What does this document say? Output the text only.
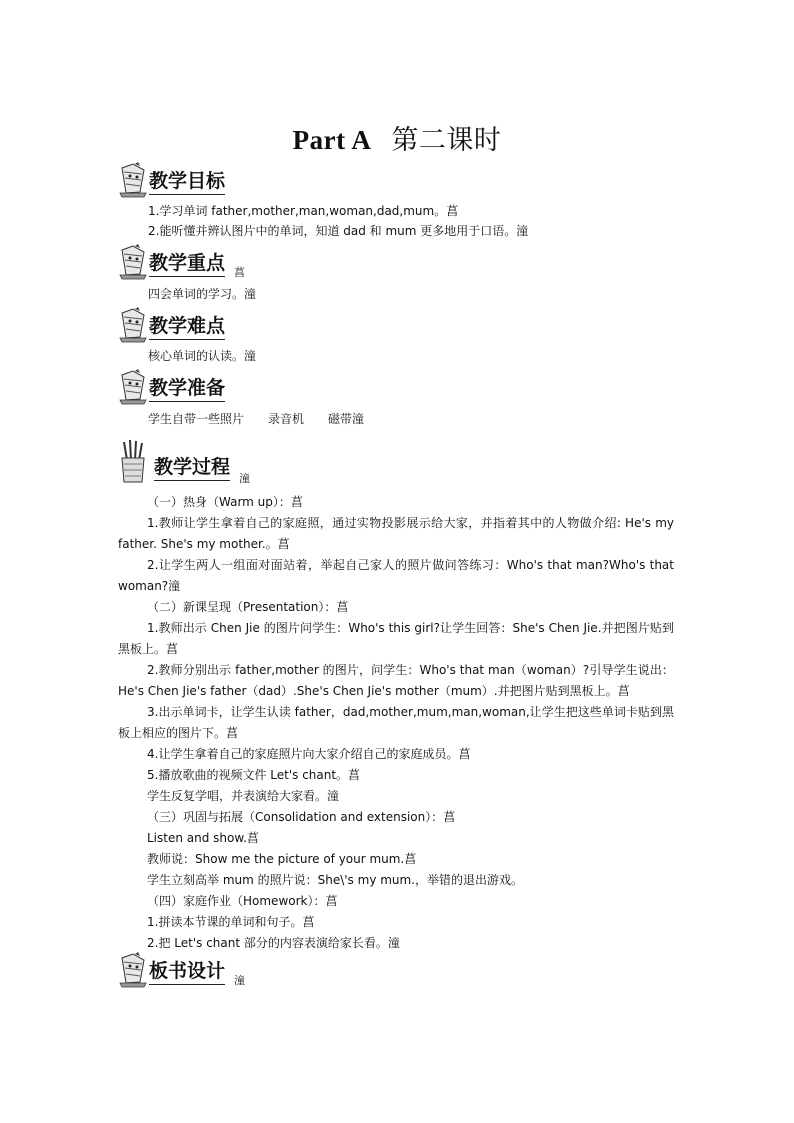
Part A 第二课时
教学目标
1.学习单词 father,mother,man,woman,dad,mum。菖
2.能听懂并辨认图片中的单词，知道 dad 和 mum 更多地用于口语。潼
教学重点 菖
四会单词的学习。潼
教学难点
核心单词的认读。潼
教学准备
学生自带一些照片　　录音机　　磁带潼
教学过程
潼
（一）热身（Warm up）：菖
1.教师让学生拿着自己的家庭照，通过实物投影展示给大家，并指着其中的人物做介绍: He's my father. She's my mother.。菖
2.让学生两人一组面对面站着，举起自己家人的照片做问答练习：Who's that man?Who's that woman?潼
（二）新课呈现（Presentation）：菖
1.教师出示 Chen Jie 的图片问学生：Who's this girl?让学生回答：She's Chen Jie.并把图片贴到黑板上。菖
2.教师分别出示 father,mother 的图片，问学生：Who's that man（woman）?引导学生说出：He's Chen Jie's father（dad）.She's Chen Jie's mother（mum）.并把图片贴到黑板上。菖
3.出示单词卡，让学生认读 father，dad,mother,mum,man,woman,让学生把这些单词卡贴到黑板上相应的图片下。菖
4.让学生拿着自己的家庭照片向大家介绍自己的家庭成员。菖
5.播放歌曲的视频文件 Let's chant。菖
学生反复学唱，并表演给大家看。潼
（三）巩固与拓展（Consolidation and extension）：菖
Listen and show.菖
教师说：Show me the picture of your mum.菖
学生立刻高举 mum 的照片说：She\'s my mum.，举错的退出游戏。
（四）家庭作业（Homework）：菖
1.拼读本节课的单词和句子。菖
2.把 Let's chant 部分的内容表演给家长看。潼
板书设计 潼
